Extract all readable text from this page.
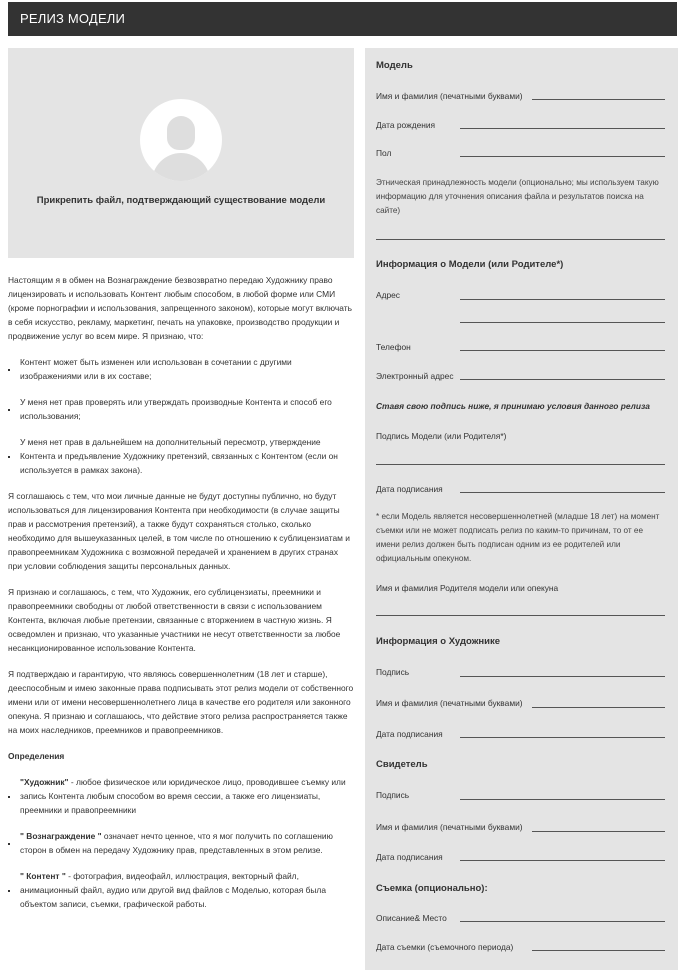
РЕЛИЗ МОДЕЛИ
Прикрепить файл, подтверждающий существование модели

Настоящим я в обмен на Вознаграждение безвозвратно передаю Художнику право лицензировать и использовать Контент любым способом, в любой форме или СМИ (кроме порнографии и использования, запрещенного законом), которые могут включать в себя искусство, рекламу, маркетинг, печать на упаковке, производство продукции и продвижение услуг во всем мире. Я признаю, что:

Контент может быть изменен или использован в сочетании с другими изображениями или в их составе;
У меня нет прав проверять или утверждать производные Контента и способ его использования;
У меня нет прав в дальнейшем на дополнительный пересмотр, утверждение Контента и предъявление Художнику претензий, связанных с Контентом (если он используется в рамках закона).

Я соглашаюсь с тем, что мои личные данные не будут доступны публично, но будут использоваться для лицензирования Контента при необходимости (в случае защиты прав и рассмотрения претензий), а также будут сохраняться столько, сколько необходимо для вышеуказанных целей, в том числе по отношению к сублицензиатам и правопреемникам Художника с возможной передачей и хранением в других странах при условии соблюдения защиты персональных данных.

Я признаю и соглашаюсь, с тем, что Художник, его сублицензиаты, преемники и правопреемники свободны от любой ответственности в связи с использованием Контента, включая любые претензии, связанные с вторжением в частную жизнь. Я осведомлен и признаю, что указанные участники не несут ответственности за любое несанкционированное использование Контента.

Я подтверждаю и гарантирую, что являюсь совершеннолетним (18 лет и старше), дееспособным и имею законные права подписывать этот релиз модели от собственного имени или от имени несовершеннолетнего лица в качестве его родителя или законного опекуна. Я признаю и соглашаюсь, что действие этого релиза распространяется также на моих наследников, преемников и правопреемников.

Определения
"Художник" - любое физическое или юридическое лицо, проводившее съемку или запись Контента любым способом во время сессии, а также его лицензиаты, преемники и правопреемники
" Вознаграждение " означает нечто ценное, что я мог получить по соглашению сторон в обмен на передачу Художнику прав, представленных в этом релизе.
" Контент " - фотография, видеофайл, иллюстрация, векторный файл, анимационный файл, аудио или другой вид файлов с Моделью, которая была объектом записи, съемки, графической работы.
Модель
Имя и фамилия (печатными буквами)
Дата рождения
Пол
Этническая принадлежность модели (опционально; мы используем такую информацию для уточнения описания файла и результатов поиска на сайте)
Информация о Модели (или Родителе*)
Адрес
Телефон
Электронный адрес
Ставя свою подпись ниже, я принимаю условия данного релиза
Подпись Модели (или Родителя*)
Дата подписания
* если Модель является несовершеннолетней (младше 18 лет) на момент съемки или не может подписать релиз по каким-то причинам, то от ее имени релиз должен быть подписан одним из ее родителей или официальным опекуном.
Имя и фамилия Родителя модели или опекуна
Информация о Художнике
Подпись
Имя и фамилия (печатными буквами)
Дата подписания
Свидетель
Подпись
Имя и фамилия (печатными буквами)
Дата подписания
Съемка (опционально):
Описание& Место
Дата съемки (съемочного периода)
